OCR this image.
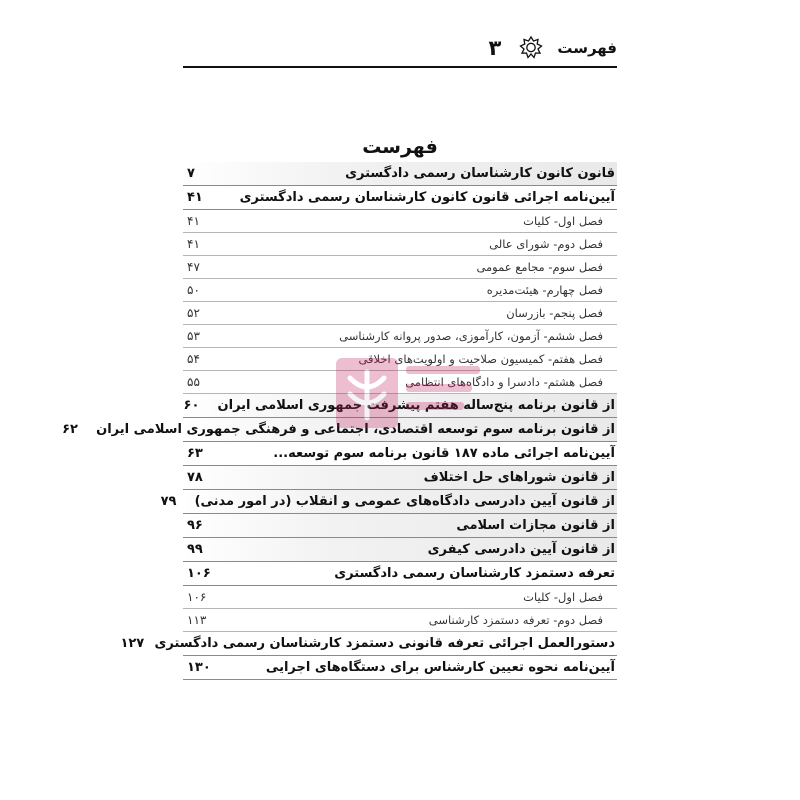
فهرست
۳
فهرست
قانون کانون کارشناسان رسمی دادگستری
۷
آیین‌نامه اجرائی قانون کانون کارشناسان رسمی دادگستری
۴۱
فصل اول- کلیات
۴۱
فصل دوم- شورای عالی
۴۱
فصل سوم- مجامع عمومی
۴۷
فصل چهارم- هیئت‌مدیره
۵۰
فصل پنجم- بازرسان
۵۲
فصل ششم- آزمون، کارآموزی، صدور پروانه کارشناسی
۵۳
فصل هفتم- کمیسیون صلاحیت و اولویت‌های اخلاقی
۵۴
فصل هشتم- دادسرا و دادگاه‌های انتظامی
۵۵
از قانون برنامه پنج‌ساله هفتم پیشرفت جمهوری اسلامی ایران
۶۰
از قانون برنامه سوم توسعه اقتصادی، اجتماعی و فرهنگی جمهوری اسلامی ایران
۶۲
آیین‌نامه اجرائی ماده ۱۸۷ قانون برنامه سوم توسعه...
۶۳
از قانون شوراهای حل اختلاف
۷۸
از قانون آیین دادرسی دادگاه‌های عمومی و انقلاب (در امور مدنی)
۷۹
از قانون مجازات اسلامی
۹۶
از قانون آیین دادرسی کیفری
۹۹
تعرفه دستمزد کارشناسان رسمی دادگستری
۱۰۶
فصل اول- کلیات
۱۰۶
فصل دوم- تعرفه دستمزد کارشناسی
۱۱۳
دستورالعمل اجرائی تعرفه قانونی دستمزد کارشناسان رسمی دادگستری
۱۲۷
آیین‌نامه نحوه تعیین کارشناس برای دستگاه‌های اجرایی
۱۳۰
